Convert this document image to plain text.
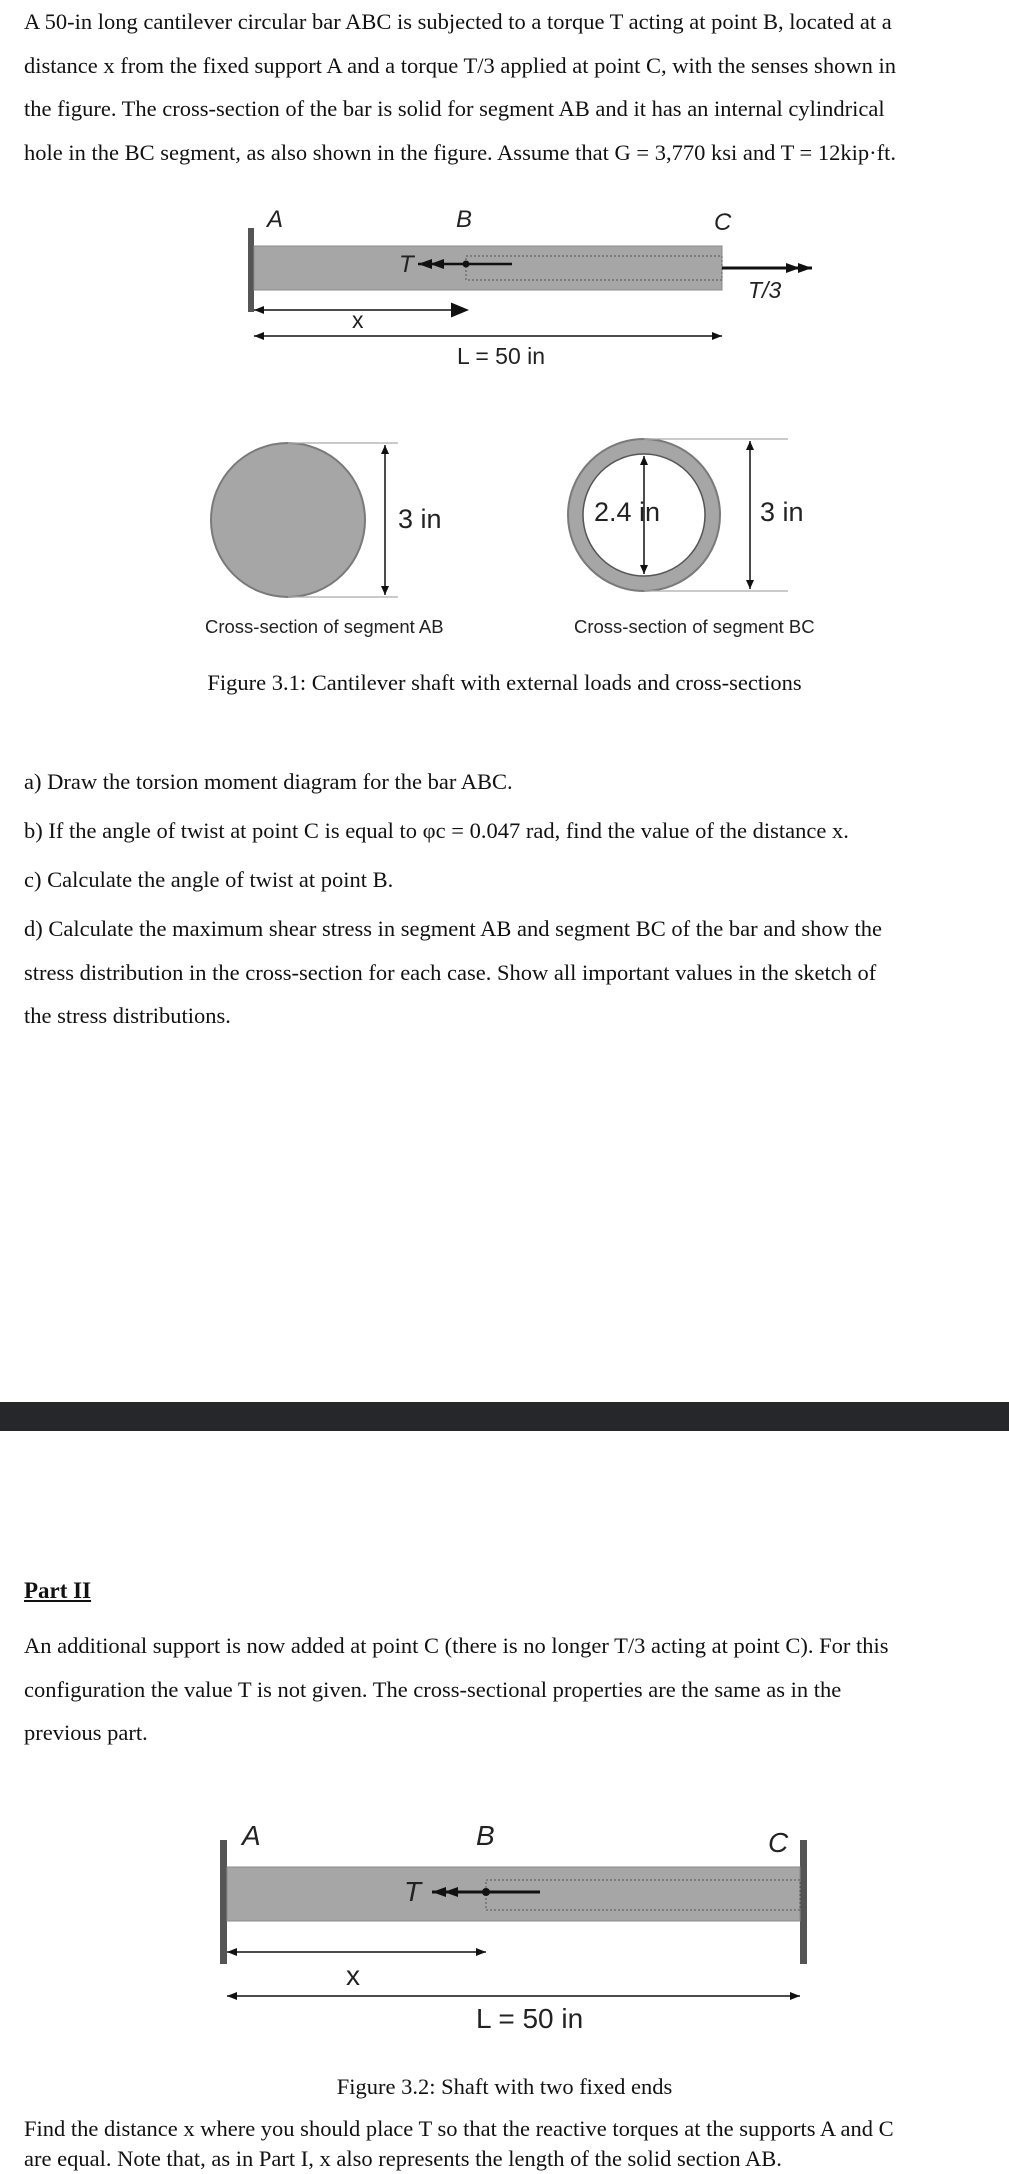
A 50-in long cantilever circular bar ABC is subjected to a torque T acting at point B, located at a
distance x from the fixed support A and a torque T/3 applied at point C, with the senses shown in
the figure. The cross-section of the bar is solid for segment AB and it has an internal cylindrical
hole in the BC segment, as also shown in the figure. Assume that G = 3,770 ksi and T = 12kip·ft.

A	B	C
T
T/3
x
L = 50 in
3 in	2.4 in	3 in
Cross-section of segment AB	Cross-section of segment BC
Figure 3.1: Cantilever shaft with external loads and cross-sections

a) Draw the torsion moment diagram for the bar ABC.

b) If the angle of twist at point C is equal to φc = 0.047 rad, find the value of the distance x.

c) Calculate the angle of twist at point B.

d) Calculate the maximum shear stress in segment AB and segment BC of the bar and show the
stress distribution in the cross-section for each case. Show all important values in the sketch of
the stress distributions.

Part II

An additional support is now added at point C (there is no longer T/3 acting at point C). For this
configuration the value T is not given. The cross-sectional properties are the same as in the
previous part.

A	B	C
T
x
L = 50 in
Figure 3.2: Shaft with two fixed ends

Find the distance x where you should place T so that the reactive torques at the supports A and C
are equal. Note that, as in Part I, x also represents the length of the solid section AB.
